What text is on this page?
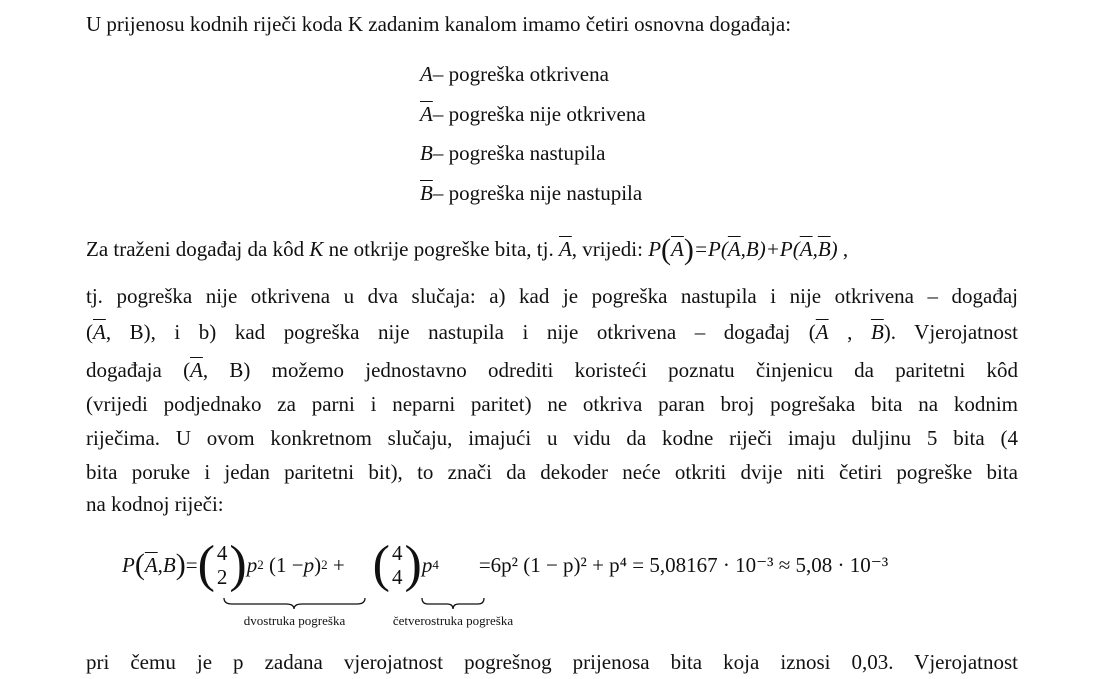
U prijenosu kodnih riječi koda K zadanim kanalom imamo četiri osnovna događaja:
A– pogreška otkrivena
$\overline{A}-$ pogreška nije otkrivena
B– pogreška nastupila
$\overline{B}-$ pogreška nije nastupila
Za traženi događaj da kôd K ne otkrije pogreške bita, tj. $\overline{A}$, vrijedi: $P(\overline{A})=P(\overline{A},B)+P(\overline{A},\overline{B})$ ,
tj. pogreška nije otkrivena u dva slučaja: a) kad je pogreška nastupila i nije otkrivena – događaj
($\overline{A}$, B), i b) kad pogreška nije nastupila i nije otkrivena – događaj ($\overline{A}$ , $\overline{B}$). Vjerojatnost
događaja ($\overline{A}$, B) možemo jednostavno odrediti koristeći poznatu činjenicu da paritetni kôd
(vrijedi podjednako za parni i neparni paritet) ne otkriva paran broj pogrešaka bita na kodnim
riječima. U ovom konkretnom slučaju, imajući u vidu da kodne riječi imaju duljinu 5 bita (4
bita poruke i jedan paritetni bit), to znači da dekoder neće otkriti dvije niti četiri pogreške bita
na kodnoj riječi:
P ( $\overline{A}$ ,B ) = ( 4
2 ) p 2 (1 − p ) 2 + ( 4
4 ) p 4 =6p² (1 − p)² + p⁴ = 5,08167 · 10⁻³ ≈ 5,08 · 10⁻³
dvostruka pogreška	četverostruka pogreška
pri čemu je p zadana vjerojatnost pogrešnog prijenosa bita koja iznosi 0,03. Vjerojatnost
